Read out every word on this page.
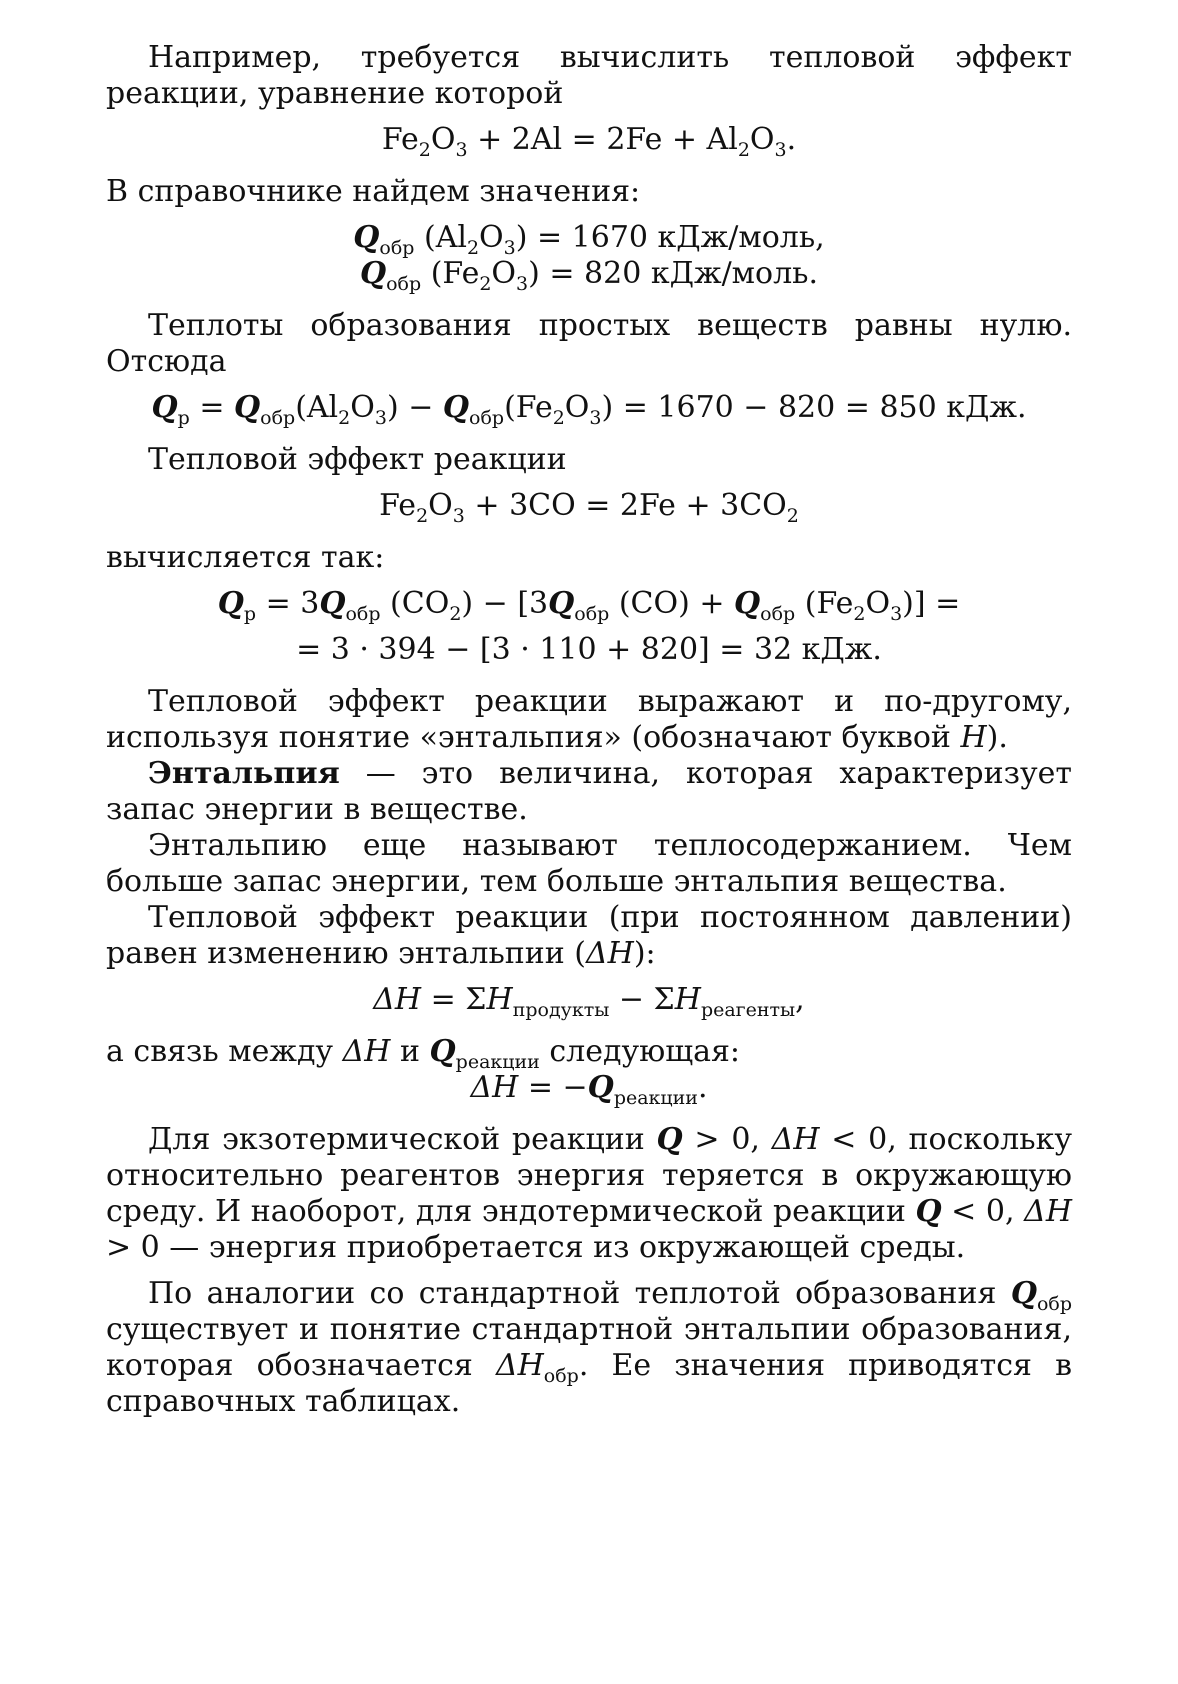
Например, требуется вычислить тепловой эффект реакции, уравнение которой

$Fe_2O_3 + 2Al = 2Fe + Al_2O_3$.

В справочнике найдем значения:

$Q_{обр}$ $(Al_2O_3) = 1670$ кДж/моль,

$Q_{обр}$ $(Fe_2O_3) = 820$ кДж/моль.

Теплоты образования простых веществ равны нулю. Отсюда

$Q_р = Q_{обр}(Al_2O_3) - Q_{обр}(Fe_2O_3) = 1670 - 820 = 850$ кДж.

Тепловой эффект реакции

$Fe_2O_3 + 3CO = 2Fe + 3CO_2$

вычисляется так:

$Q_р = 3Q_{обр}$ $(CO_2) - [3Q_{обр}$ $(CO) + Q_{обр}$ $(Fe_2O_3)$] =

= 3 · 394 − [3 · 110 + 820] = 32 кДж.

Тепловой эффект реакции выражают и по-другому, используя понятие «энтальпия» (обозначают буквой H).

Энтальпия — это величина, которая характеризует запас энергии в веществе.

Энтальпию еще называют теплосодержанием. Чем больше запас энергии, тем больше энтальпия вещества.

Тепловой эффект реакции (при постоянном давлении) равен изменению энтальпии (ΔH):

$\Delta H = \Sigma H_{продукты} - \Sigma H_{реагенты}$,

а связь между ΔH и $Q_{реакции}$ следующая:

$\Delta H = -Q_{реакции}$.

Для экзотермической реакции Q > 0, ΔH < 0, поскольку относительно реагентов энергия теряется в окружающую среду. И наоборот, для эндотермической реакции Q < 0, ΔH > 0 — энергия приобретается из окружающей среды.

По аналогии со стандартной теплотой образования $Q_{обр}$ существует и понятие стандартной энтальпии образования, которая обозначается $\Delta H_{обр}$. Ее значения приводятся в справочных таблицах.
